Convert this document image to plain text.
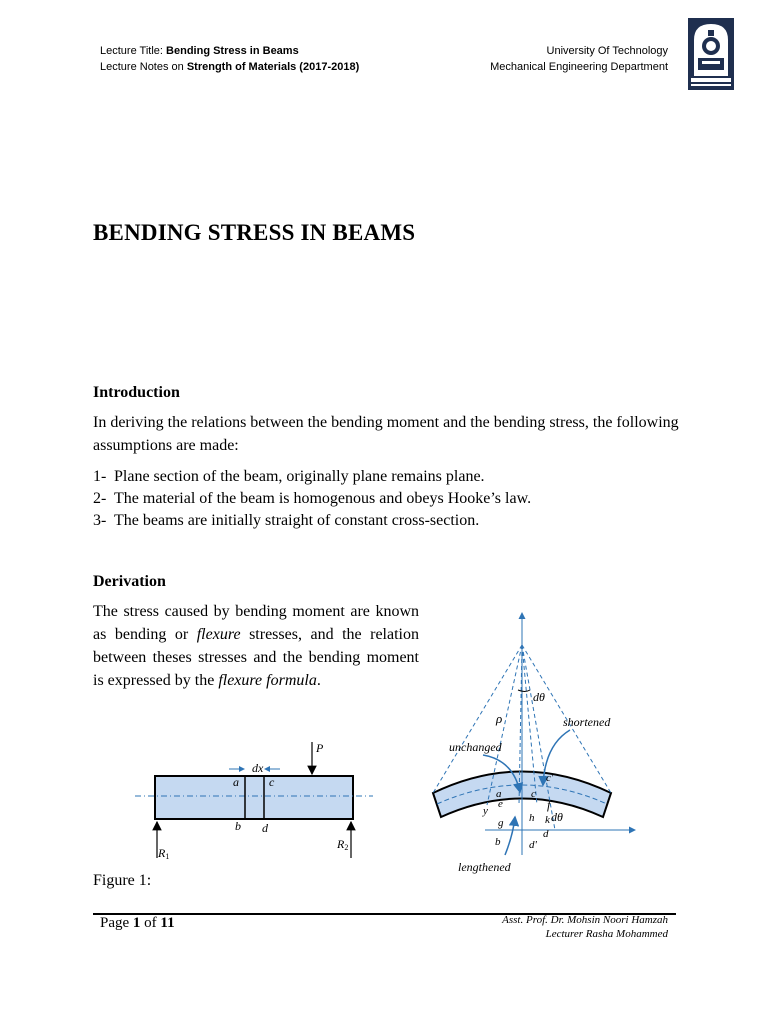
Lecture Title: Bending Stress in Beams
Lecture Notes on Strength of Materials (2017-2018)
University Of Technology
Mechanical Engineering Department
BENDING STRESS IN BEAMS
Introduction
In deriving the relations between the bending moment and the bending stress, the following assumptions are made:
1- Plane section of the beam, originally plane remains plane.
2- The material of the beam is homogenous and obeys Hooke’s law.
3- The beams are initially straight of constant cross-section.
Derivation
The stress caused by bending moment are known as bending or flexure stresses, and the relation between theses stresses and the bending moment is expressed by the flexure formula.
dx
a	c
b d
P
R1
R2
dθ
ρ	shortened
unchanged
lengthened
a	c
c'
e	f
y
g h k dθ
b
d
d'
Figure 1:
Page 1 of 11	Asst. Prof. Dr. Mohsin Noori Hamzah
Lecturer Rasha Mohammed
